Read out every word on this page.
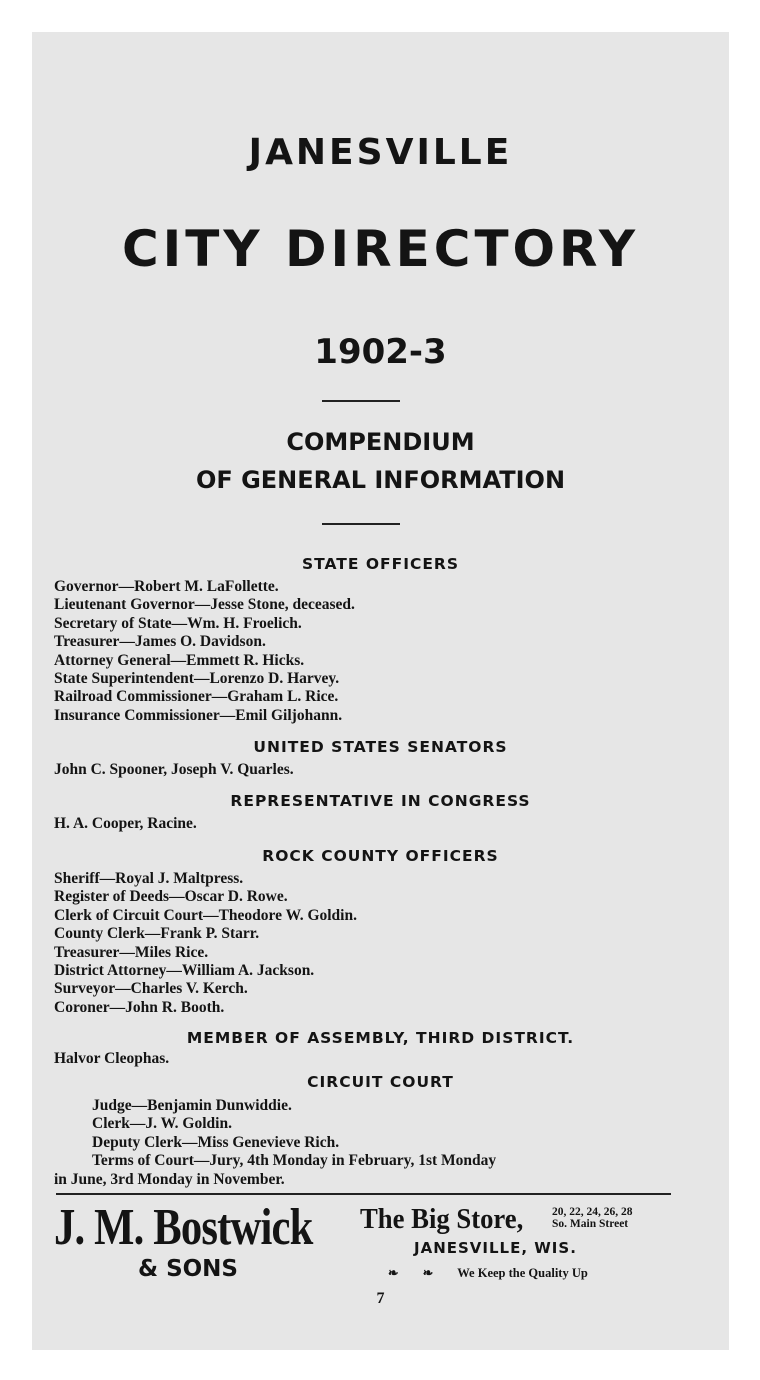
JANESVILLE
CITY DIRECTORY
1902-3
COMPENDIUM
OF GENERAL INFORMATION
STATE OFFICERS
Governor—Robert M. LaFollette.
Lieutenant Governor—Jesse Stone, deceased.
Secretary of State—Wm. H. Froelich.
Treasurer—James O. Davidson.
Attorney General—Emmett R. Hicks.
State Superintendent—Lorenzo D. Harvey.
Railroad Commissioner—Graham L. Rice.
Insurance Commissioner—Emil Giljohann.
UNITED STATES SENATORS
John C. Spooner, Joseph V. Quarles.
REPRESENTATIVE IN CONGRESS
H. A. Cooper, Racine.
ROCK COUNTY OFFICERS
Sheriff—Royal J. Maltpress.
Register of Deeds—Oscar D. Rowe.
Clerk of Circuit Court—Theodore W. Goldin.
County Clerk—Frank P. Starr.
Treasurer—Miles Rice.
District Attorney—William A. Jackson.
Surveyor—Charles V. Kerch.
Coroner—John R. Booth.
MEMBER OF ASSEMBLY, THIRD DISTRICT.
Halvor Cleophas.
CIRCUIT COURT
Judge—Benjamin Dunwiddie.
Clerk—J. W. Goldin.
Deputy Clerk—Miss Genevieve Rich.
Terms of Court—Jury, 4th Monday in February, 1st Monday
in June, 3rd Monday in November.
J. M. Bostwick
& SONS
The Big Store, 20, 22, 24, 26, 28
So. Main Street
JANESVILLE, WIS.
❧ ❧ We Keep the Quality Up
7
